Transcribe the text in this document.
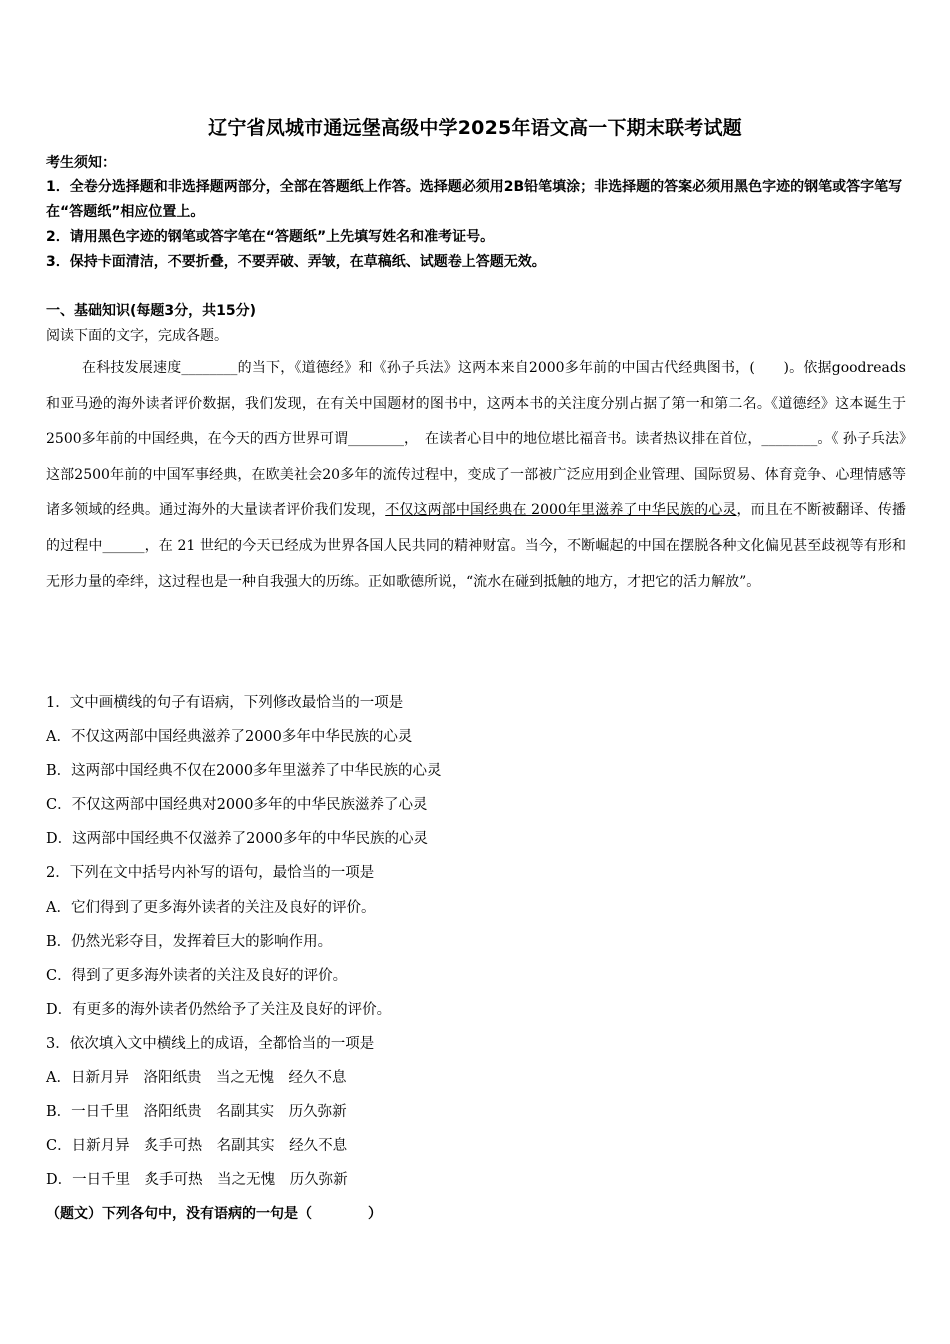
辽宁省凤城市通远堡高级中学2025年语文高一下期末联考试题
考生须知：
1．全卷分选择题和非选择题两部分，全部在答题纸上作答。选择题必须用2B铅笔填涂；非选择题的答案必须用黑色字迹的钢笔或答字笔写在“答题纸”相应位置上。
2．请用黑色字迹的钢笔或答字笔在“答题纸”上先填写姓名和准考证号。
3．保持卡面清洁，不要折叠，不要弄破、弄皱，在草稿纸、试题卷上答题无效。
一、基础知识(每题3分，共15分)
阅读下面的文字，完成各题。
在科技发展速度________的当下，《道德经》和《孙子兵法》这两本来自2000多年前的中国古代经典图书，(　　)。依据goodreads和亚马逊的海外读者评价数据，我们发现，在有关中国题材的图书中，这两本书的关注度分别占据了第一和第二名。《道德经》这本诞生于2500多年前的中国经典，在今天的西方世界可谓________，　在读者心目中的地位堪比福音书。读者热议排在首位，________。《 孙子兵法》这部2500年前的中国军事经典，在欧美社会20多年的流传过程中，变成了一部被广泛应用到企业管理、国际贸易、体育竞争、心理情感等诸多领域的经典。通过海外的大量读者评价我们发现，不仅这两部中国经典在 2000年里滋养了中华民族的心灵，而且在不断被翻译、传播的过程中______，在 21 世纪的今天已经成为世界各国人民共同的精神财富。当今，不断崛起的中国在摆脱各种文化偏见甚至歧视等有形和无形力量的牵绊，这过程也是一种自我强大的历练。正如歌德所说，“流水在碰到抵触的地方，才把它的活力解放”。
1．文中画横线的句子有语病，下列修改最恰当的一项是
A．不仅这两部中国经典滋养了2000多年中华民族的心灵
B．这两部中国经典不仅在2000多年里滋养了中华民族的心灵
C．不仅这两部中国经典对2000多年的中华民族滋养了心灵
D．这两部中国经典不仅滋养了2000多年的中华民族的心灵
2．下列在文中括号内补写的语句，最恰当的一项是
A．它们得到了更多海外读者的关注及良好的评价。
B．仍然光彩夺目，发挥着巨大的影响作用。
C．得到了更多海外读者的关注及良好的评价。
D．有更多的海外读者仍然给予了关注及良好的评价。
3．依次填入文中横线上的成语，全都恰当的一项是
A．日新月异　洛阳纸贵　当之无愧　经久不息
B．一日千里　洛阳纸贵　名副其实　历久弥新
C．日新月异　炙手可热　名副其实　经久不息
D．一日千里　炙手可热　当之无愧　历久弥新
（题文）下列各句中，没有语病的一句是（　　　　）
